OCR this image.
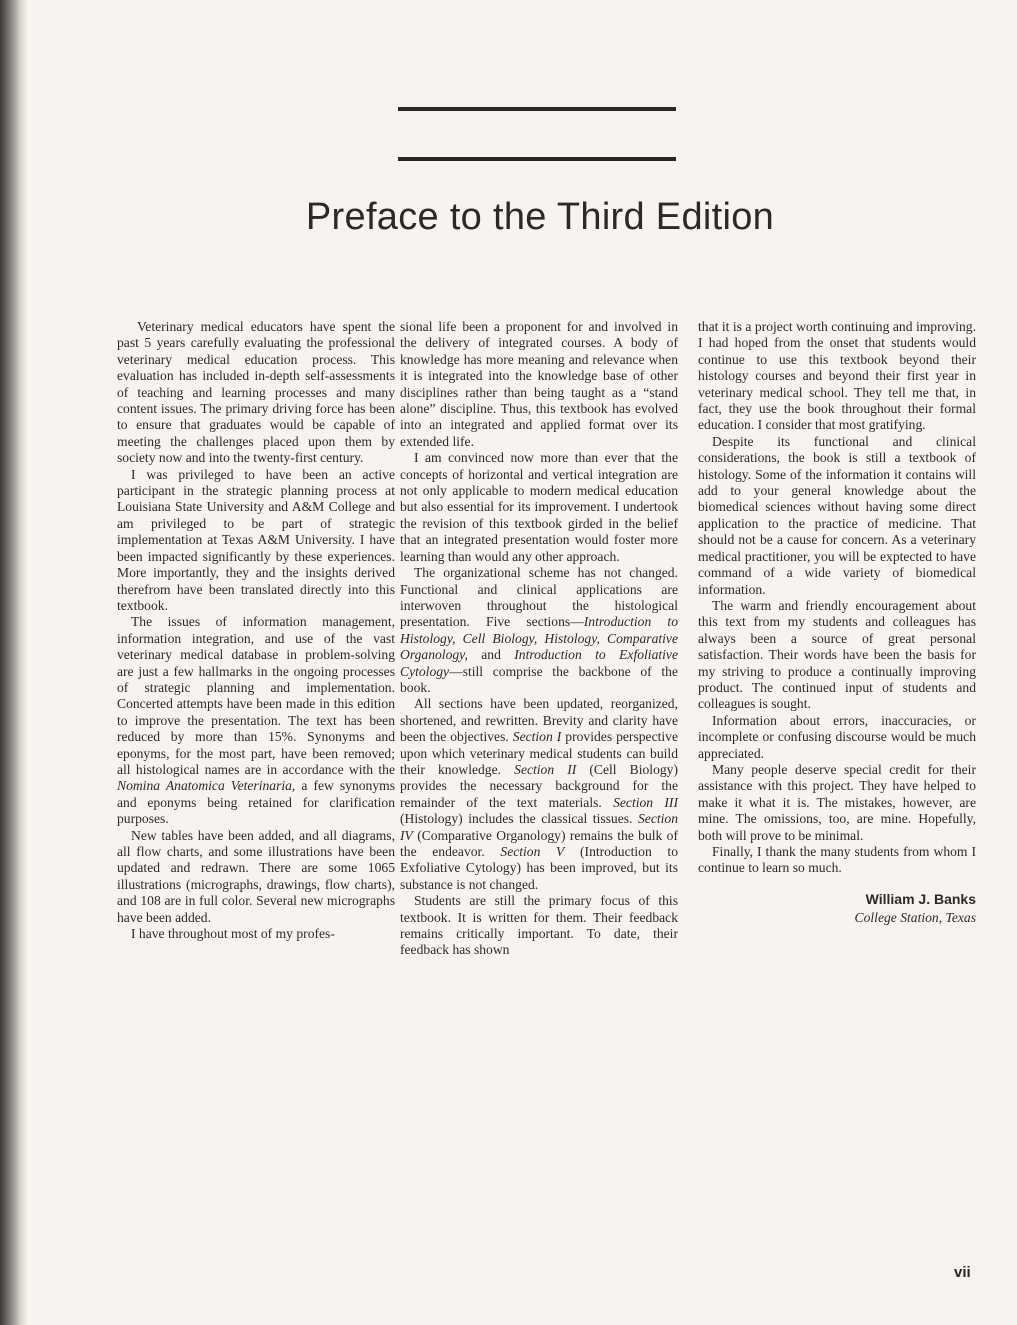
Preface to the Third Edition

Veterinary medical educators have spent the past 5 years carefully evaluating the professional veterinary medical education process. This evaluation has included in-depth self-assessments of teaching and learning processes and many content issues. The primary driving force has been to ensure that graduates would be capable of meeting the challenges placed upon them by society now and into the twenty-first century.

I was privileged to have been an active participant in the strategic planning process at Louisiana State University and A&M College and am privileged to be part of strategic implementation at Texas A&M University. I have been impacted significantly by these experiences. More importantly, they and the insights derived therefrom have been translated directly into this textbook.

The issues of information management, information integration, and use of the vast veterinary medical database in problem-solving are just a few hallmarks in the ongoing processes of strategic planning and implementation. Concerted attempts have been made in this edition to improve the presentation. The text has been reduced by more than 15%. Synonyms and eponyms, for the most part, have been removed; all histological names are in accordance with the Nomina Anatomica Veterinaria, a few synonyms and eponyms being retained for clarification purposes.

New tables have been added, and all diagrams, all flow charts, and some illustrations have been updated and redrawn. There are some 1065 illustrations (micrographs, drawings, flow charts), and 108 are in full color. Several new micrographs have been added.

I have throughout most of my profes-

sional life been a proponent for and involved in the delivery of integrated courses. A body of knowledge has more meaning and relevance when it is integrated into the knowledge base of other disciplines rather than being taught as a “stand alone” discipline. Thus, this textbook has evolved into an integrated and applied format over its extended life.

I am convinced now more than ever that the concepts of horizontal and vertical integration are not only applicable to modern medical education but also essential for its improvement. I undertook the revision of this textbook girded in the belief that an integrated presentation would foster more learning than would any other approach.

The organizational scheme has not changed. Functional and clinical applications are interwoven throughout the histological presentation. Five sections—Introduction to Histology, Cell Biology, Histology, Comparative Organology, and Introduction to Exfoliative Cytology—still comprise the backbone of the book.

All sections have been updated, reorganized, shortened, and rewritten. Brevity and clarity have been the objectives. Section I provides perspective upon which veterinary medical students can build their knowledge. Section II (Cell Biology) provides the necessary background for the remainder of the text materials. Section III (Histology) includes the classical tissues. Section IV (Comparative Organology) remains the bulk of the endeavor. Section V (Introduction to Exfoliative Cytology) has been improved, but its substance is not changed.

Students are still the primary focus of this textbook. It is written for them. Their feedback remains critically important. To date, their feedback has shown

that it is a project worth continuing and improving. I had hoped from the onset that students would continue to use this textbook beyond their histology courses and beyond their first year in veterinary medical school. They tell me that, in fact, they use the book throughout their formal education. I consider that most gratifying.

Despite its functional and clinical considerations, the book is still a textbook of histology. Some of the information it contains will add to your general knowledge about the biomedical sciences without having some direct application to the practice of medicine. That should not be a cause for concern. As a veterinary medical practitioner, you will be exptected to have command of a wide variety of biomedical information.

The warm and friendly encouragement about this text from my students and colleagues has always been a source of great personal satisfaction. Their words have been the basis for my striving to produce a continually improving product. The continued input of students and colleagues is sought.

Information about errors, inaccuracies, or incomplete or confusing discourse would be much appreciated.

Many people deserve special credit for their assistance with this project. They have helped to make it what it is. The mistakes, however, are mine. The omissions, too, are mine. Hopefully, both will prove to be minimal.

Finally, I thank the many students from whom I continue to learn so much.

William J. Banks
College Station, Texas
vii
